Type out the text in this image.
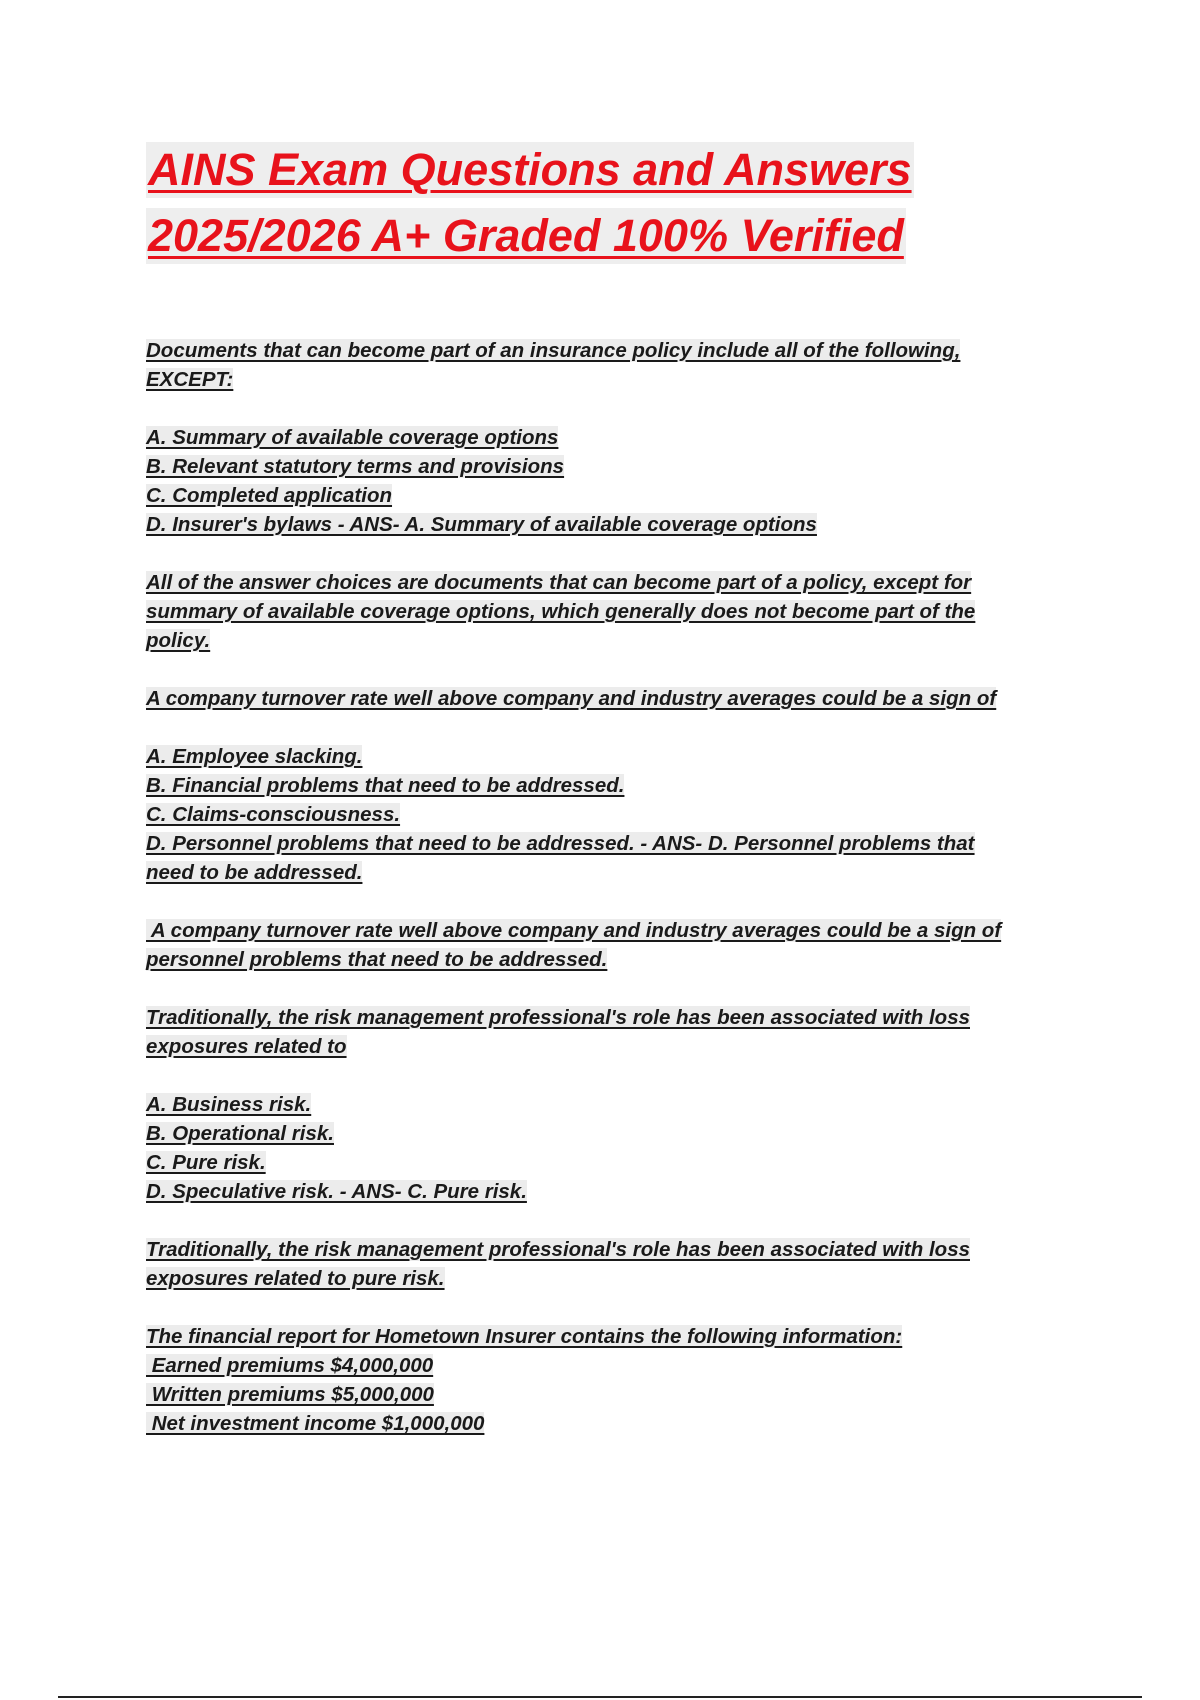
AINS Exam Questions and Answers
2025/2026 A+ Graded 100% Verified

Documents that can become part of an insurance policy include all of the following,

EXCEPT:

A. Summary of available coverage options

B. Relevant statutory terms and provisions

C. Completed application

D. Insurer's bylaws - ANS- A. Summary of available coverage options

All of the answer choices are documents that can become part of a policy, except for

summary of available coverage options, which generally does not become part of the

policy.

A company turnover rate well above company and industry averages could be a sign of

A. Employee slacking.

B. Financial problems that need to be addressed.

C. Claims-consciousness.

D. Personnel problems that need to be addressed. - ANS- D. Personnel problems that

need to be addressed.

A company turnover rate well above company and industry averages could be a sign of

personnel problems that need to be addressed.

Traditionally, the risk management professional's role has been associated with loss

exposures related to

A. Business risk.

B. Operational risk.

C. Pure risk.

D. Speculative risk. - ANS- C. Pure risk.

Traditionally, the risk management professional's role has been associated with loss

exposures related to pure risk.

The financial report for Hometown Insurer contains the following information:

Earned premiums $4,000,000

Written premiums $5,000,000

Net investment income $1,000,000
